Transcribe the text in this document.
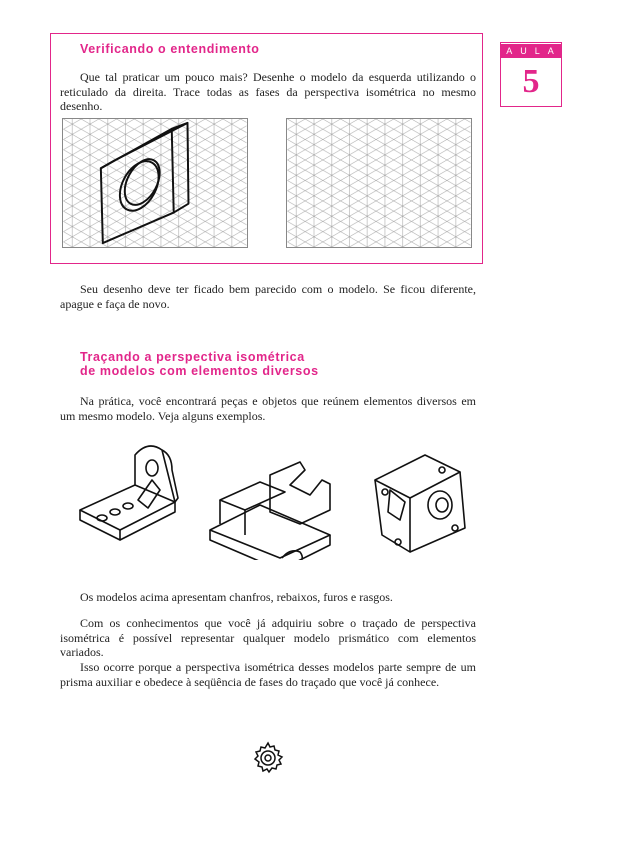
Verificando o entendimento
Que tal praticar um pouco mais? Desenhe o modelo da esquerda utilizando o reticulado da direita. Trace todas as fases da perspectiva isométrica no mesmo desenho.
AULA
5
Seu desenho deve ter ficado bem parecido com o modelo. Se ficou diferente, apague e faça de novo.
Traçando a perspectiva isométrica
de modelos com elementos diversos
Na prática, você encontrará peças e objetos que reúnem elementos diversos em um mesmo modelo. Veja alguns exemplos.
Os modelos acima apresentam chanfros, rebaixos, furos e rasgos.
Com os conhecimentos que você já adquiriu sobre o traçado de perspectiva isométrica é possível representar qualquer modelo prismático com elementos variados.
Isso ocorre porque a perspectiva isométrica desses modelos parte sempre de um prisma auxiliar e obedece à seqüência de fases do traçado que você já conhece.
